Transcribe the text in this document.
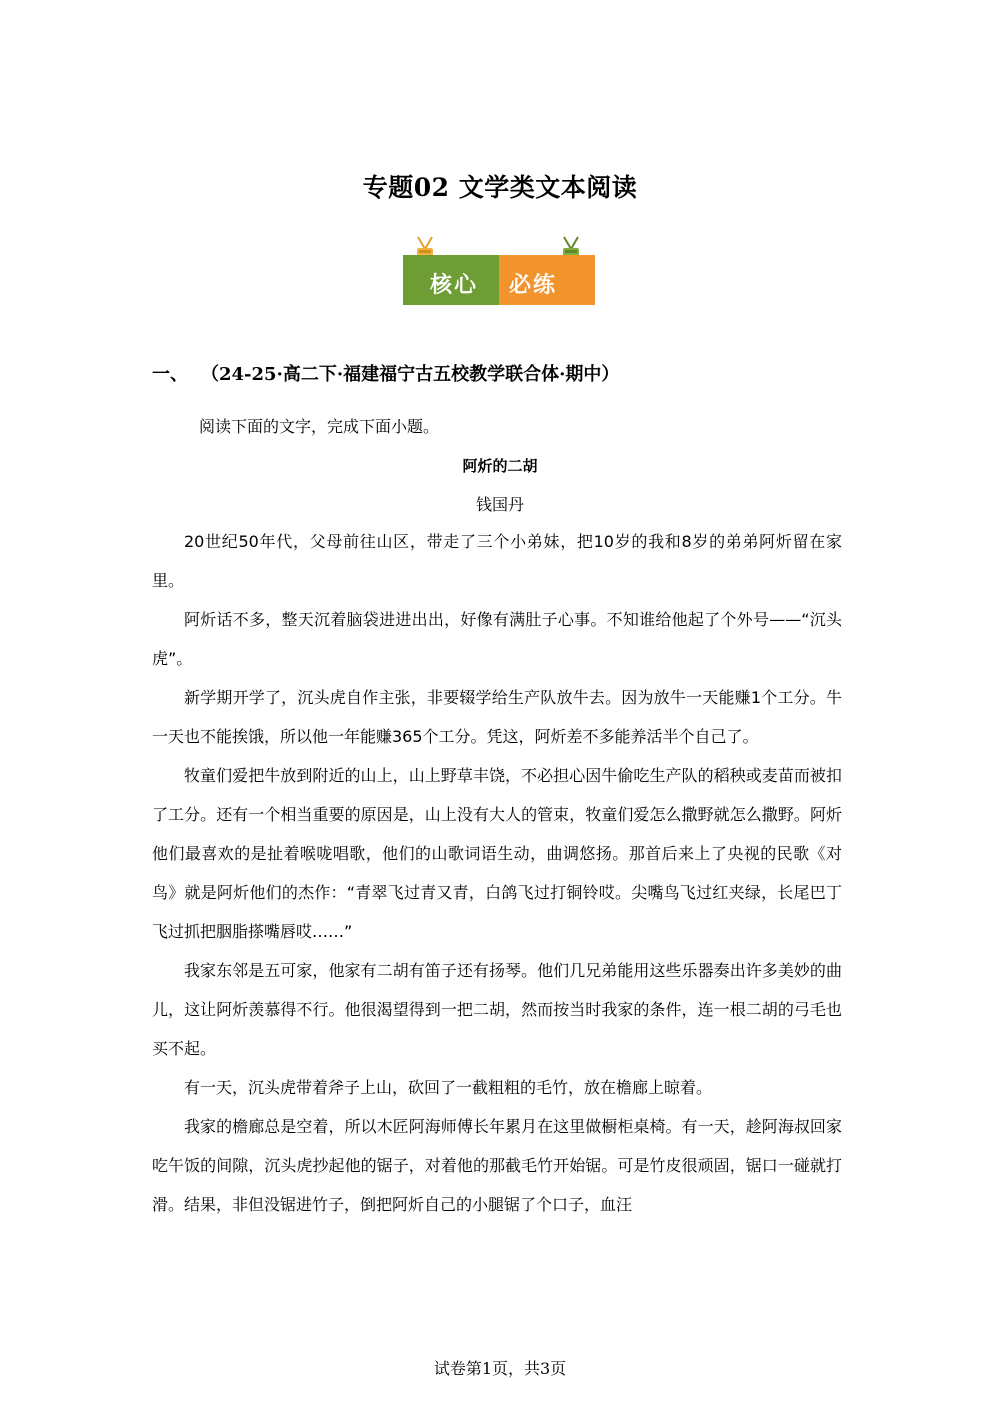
专题02 文学类文本阅读
核心 必练
一、 （24-25·高二下·福建福宁古五校教学联合体·期中）
阅读下面的文字，完成下面小题。
阿炘的二胡
钱国丹

20世纪50年代，父母前往山区，带走了三个小弟妹，把10岁的我和8岁的弟弟阿炘留在家里。

阿炘话不多，整天沉着脑袋进进出出，好像有满肚子心事。不知谁给他起了个外号——“沉头虎”。

新学期开学了，沉头虎自作主张，非要辍学给生产队放牛去。因为放牛一天能赚1个工分。牛一天也不能挨饿，所以他一年能赚365个工分。凭这，阿炘差不多能养活半个自己了。

牧童们爱把牛放到附近的山上，山上野草丰饶，不必担心因牛偷吃生产队的稻秧或麦苗而被扣了工分。还有一个相当重要的原因是，山上没有大人的管束，牧童们爱怎么撒野就怎么撒野。阿炘他们最喜欢的是扯着喉咙唱歌，他们的山歌词语生动，曲调悠扬。那首后来上了央视的民歌《对鸟》就是阿炘他们的杰作：“青翠飞过青又青，白鸽飞过打铜铃哎。尖嘴鸟飞过红夹绿，长尾巴丁飞过抓把胭脂搽嘴唇哎……”

我家东邻是五可家，他家有二胡有笛子还有扬琴。他们几兄弟能用这些乐器奏出许多美妙的曲儿，这让阿炘羡慕得不行。他很渴望得到一把二胡，然而按当时我家的条件，连一根二胡的弓毛也买不起。

有一天，沉头虎带着斧子上山，砍回了一截粗粗的毛竹，放在檐廊上晾着。

我家的檐廊总是空着，所以木匠阿海师傅长年累月在这里做橱柜桌椅。有一天，趁阿海叔回家吃午饭的间隙，沉头虎抄起他的锯子，对着他的那截毛竹开始锯。可是竹皮很顽固，锯口一碰就打滑。结果，非但没锯进竹子，倒把阿炘自己的小腿锯了个口子，血汪

试卷第1页，共3页
